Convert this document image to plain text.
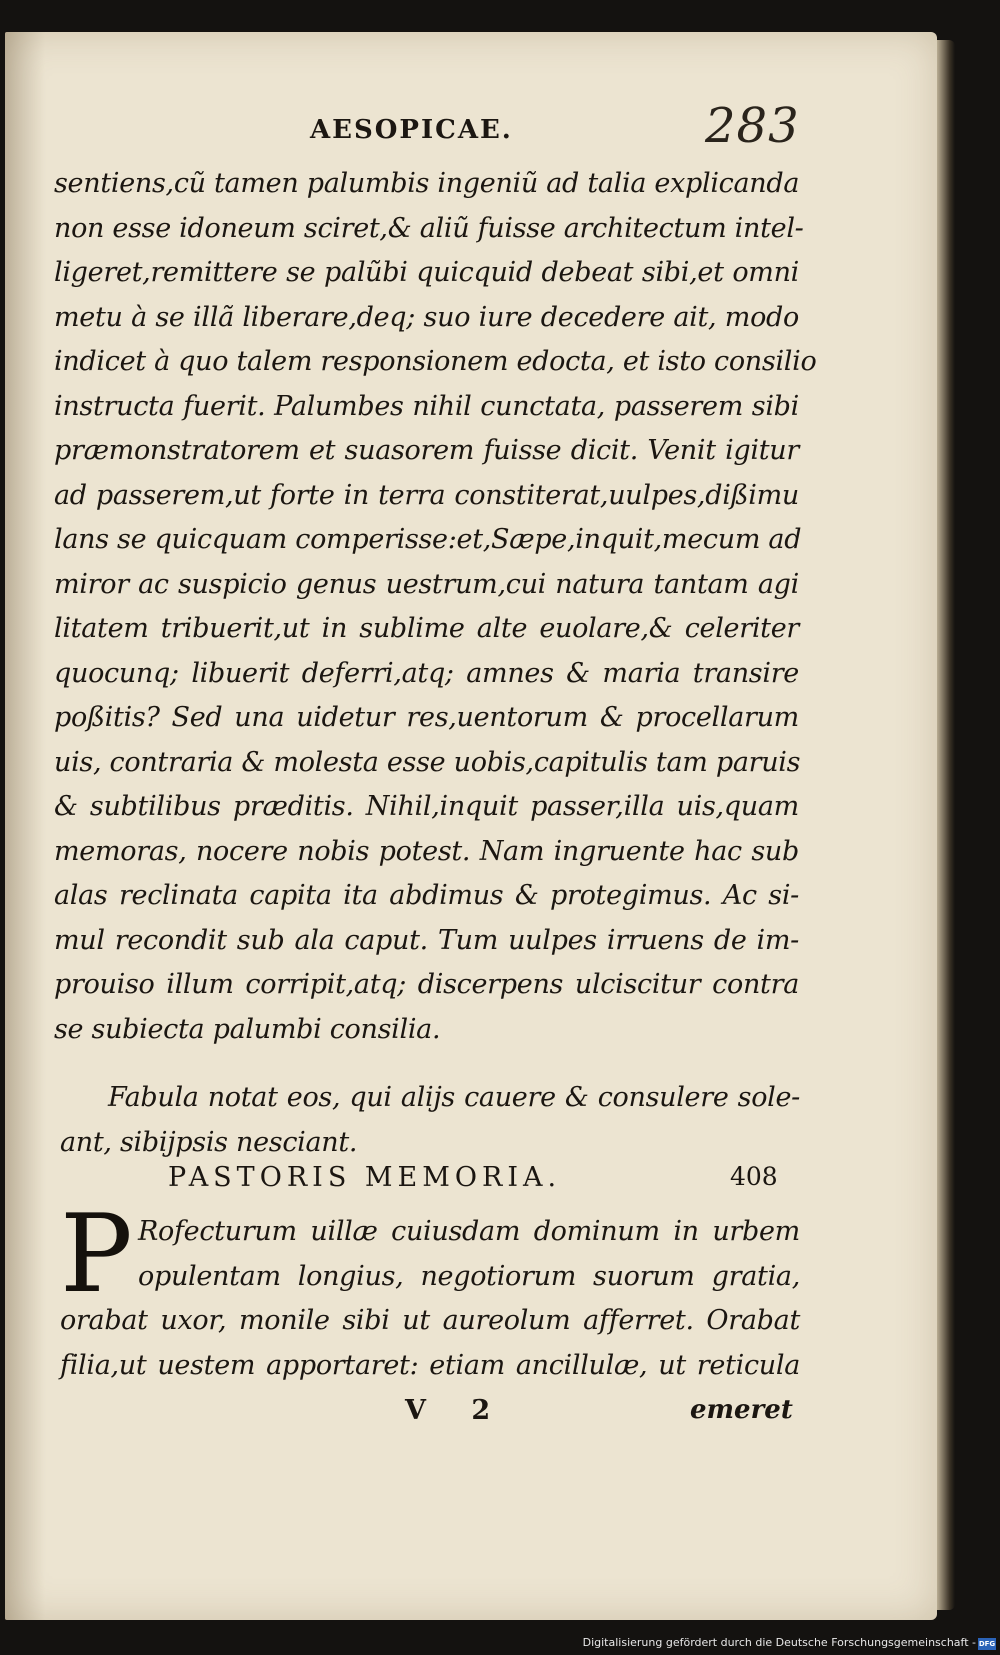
AESOPICAE.	283
sentiens,cũ tamen palumbis ingeniũ ad talia explicanda
non esse idoneum sciret,& aliũ fuisse architectum intel-
ligeret,remittere se palũbi quicquid debeat sibi,et omni
metu à se illã liberare,deq; suo iure decedere ait, modo
indicet à quo talem responsionem edocta, et isto consilio
instructa fuerit. Palumbes nihil cunctata, passerem sibi
præmonstratorem et suasorem fuisse dicit. Venit igitur
ad passerem,ut forte in terra constiterat,uulpes,dißimu
lans se quicquam comperisse:et,Sæpe,inquit,mecum ad
miror ac suspicio genus uestrum,cui natura tantam agi
litatem tribuerit,ut in sublime alte euolare,& celeriter
quocunq; libuerit deferri,atq; amnes & maria transire
poßitis? Sed una uidetur res,uentorum & procellarum
uis, contraria & molesta esse uobis,capitulis tam paruis
& subtilibus præditis. Nihil,inquit passer,illa uis,quam
memoras, nocere nobis potest. Nam ingruente hac sub
alas reclinata capita ita abdimus & protegimus. Ac si-
mul recondit sub ala caput. Tum uulpes irruens de im-
prouiso illum corripit,atq; discerpens ulciscitur contra
se subiecta palumbi consilia.
Fabula notat eos, qui alijs cauere & consulere sole-
ant, sibijpsis nesciant.
PASTORIS MEMORIA.	408
P Rofecturum uillæ cuiusdam dominum in urbem
opulentam longius, negotiorum suorum gratia,
orabat uxor, monile sibi ut aureolum afferret. Orabat
filia,ut uestem apportaret: etiam ancillulæ, ut reticula
V 2	emeret
Digitalisierung gefördert durch die Deutsche Forschungsgemeinschaft - DFG
